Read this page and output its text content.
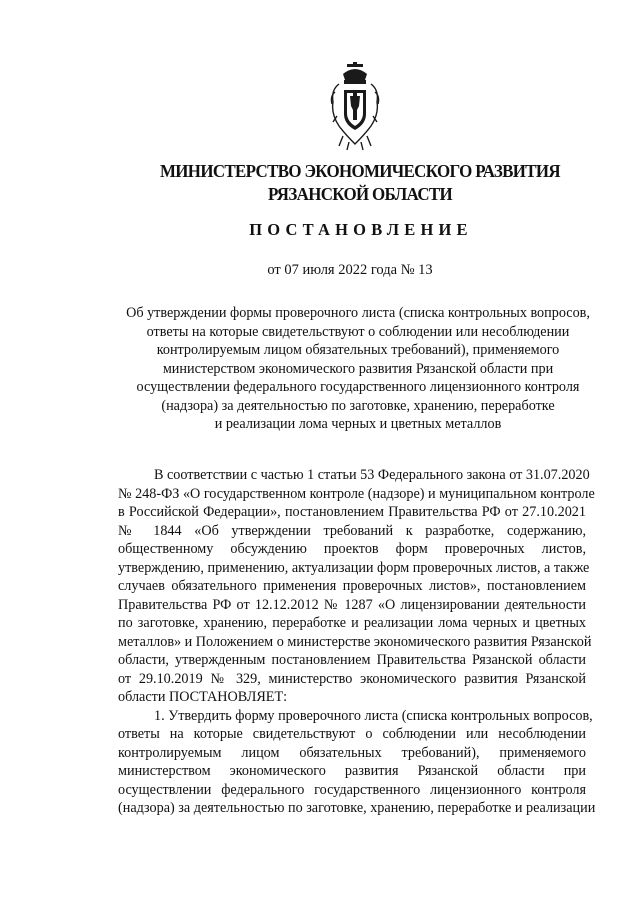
МИНИСТЕРСТВО ЭКОНОМИЧЕСКОГО РАЗВИТИЯ
РЯЗАНСКОЙ ОБЛАСТИ
ПОСТАНОВЛЕНИЕ
от 07 июля 2022 года № 13
Об утверждении формы проверочного листа (списка контрольных вопросов,
ответы на которые свидетельствуют о соблюдении или несоблюдении
контролируемым лицом обязательных требований), применяемого
министерством экономического развития Рязанской области при
осуществлении федерального государственного лицензионного контроля
(надзора) за деятельностью по заготовке, хранению, переработке
и реализации лома черных и цветных металлов
В соответствии с частью 1 статьи 53 Федерального закона от 31.07.2020
№ 248-ФЗ «О государственном контроле (надзоре) и муниципальном контроле
в Российской Федерации», постановлением Правительства РФ от 27.10.2021
№ 1844 «Об утверждении требований к разработке, содержанию,
общественному обсуждению проектов форм проверочных листов,
утверждению, применению, актуализации форм проверочных листов, а также
случаев обязательного применения проверочных листов», постановлением
Правительства РФ от 12.12.2012 № 1287 «О лицензировании деятельности
по заготовке, хранению, переработке и реализации лома черных и цветных
металлов» и Положением о министерстве экономического развития Рязанской
области, утвержденным постановлением Правительства Рязанской области
от 29.10.2019 № 329, министерство экономического развития Рязанской
области ПОСТАНОВЛЯЕТ:
1. Утвердить форму проверочного листа (списка контрольных вопросов,
ответы на которые свидетельствуют о соблюдении или несоблюдении
контролируемым лицом обязательных требований), применяемого
министерством экономического развития Рязанской области при
осуществлении федерального государственного лицензионного контроля
(надзора) за деятельностью по заготовке, хранению, переработке и реализации
